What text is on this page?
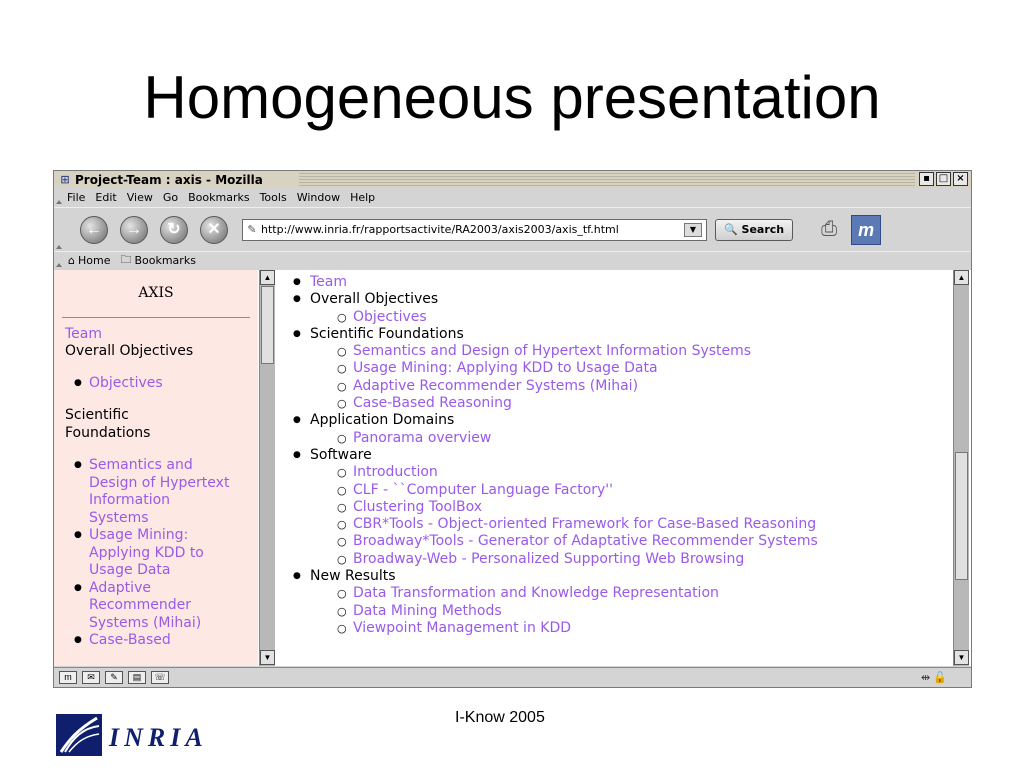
Homogeneous presentation
⊞ Project-Team : axis - Mozilla	▪ □ ×
File Edit View Go Bookmarks Tools Window Help
←	→	↻	✕	✎ http://www.inria.fr/rapportsactivite/RA2003/axis2003/axis_tf.html	▼	🔍 Search	⎙	m
⌂ Home 🗀 Bookmarks
AXIS
Team
Overall Objectives
● Objectives
Scientific Foundations
● Semantics and Design of Hypertext Information Systems
● Usage Mining: Applying KDD to Usage Data
● Adaptive Recommender Systems (Mihai)
● Case-Based
▲
▼
● Team
● Overall Objectives
○ Objectives
● Scientific Foundations
○ Semantics and Design of Hypertext Information Systems
○ Usage Mining: Applying KDD to Usage Data
○ Adaptive Recommender Systems (Mihai)
○ Case-Based Reasoning
● Application Domains
○ Panorama overview
● Software
○ Introduction
○ CLF - ``Computer Language Factory''
○ Clustering ToolBox
○ CBR*Tools - Object-oriented Framework for Case-Based Reasoning
○ Broadway*Tools - Generator of Adaptative Recommender Systems
○ Broadway-Web - Personalized Supporting Web Browsing
● New Results
○ Data Transformation and Knowledge Representation
○ Data Mining Methods
○ Viewpoint Management in KDD
▲
▼
m	✉	✎	▤	☏	⇹ 🔓
I-Know 2005
INRIA
